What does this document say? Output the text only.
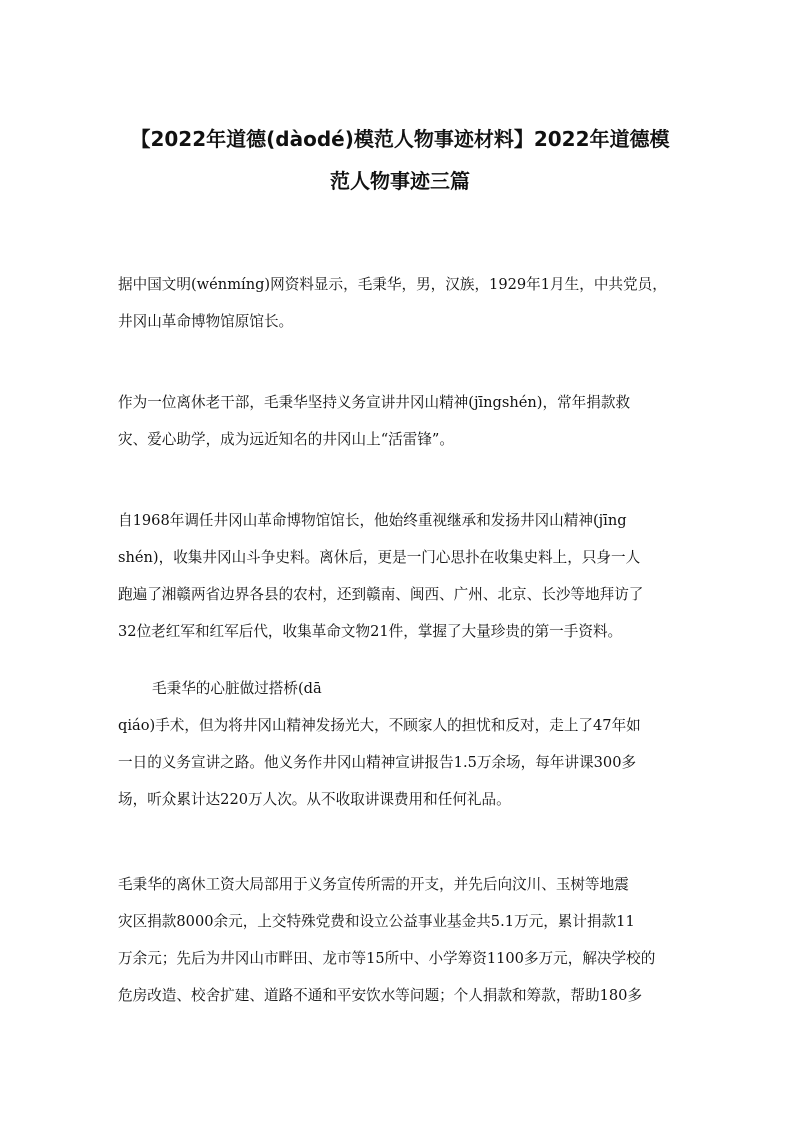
【2022年道德(dàodé)模范人物事迹材料】2022年道德模
范人物事迹三篇

据中国文明(wénmíng)网资料显示，毛秉华，男，汉族，1929年1月生，中共党员，
井冈山革命博物馆原馆长。

作为一位离休老干部，毛秉华坚持义务宣讲井冈山精神(jīngshén)，常年捐款救
灾、爱心助学，成为远近知名的井冈山上“活雷锋”。

自1968年调任井冈山革命博物馆馆长，他始终重视继承和发扬井冈山精神(jīng
shén)，收集井冈山斗争史料。离休后，更是一门心思扑在收集史料上，只身一人
跑遍了湘赣两省边界各县的农村，还到赣南、闽西、广州、北京、长沙等地拜访了
32位老红军和红军后代，收集革命文物21件，掌握了大量珍贵的第一手资料。

毛秉华的心脏做过搭桥(dā
qiáo)手术，但为将井冈山精神发扬光大，不顾家人的担忧和反对，走上了47年如
一日的义务宣讲之路。他义务作井冈山精神宣讲报告1.5万余场，每年讲课300多
场，听众累计达220万人次。从不收取讲课费用和任何礼品。

毛秉华的离休工资大局部用于义务宣传所需的开支，并先后向汶川、玉树等地震
灾区捐款8000余元，上交特殊党费和设立公益事业基金共5.1万元，累计捐款11
万余元；先后为井冈山市畔田、龙市等15所中、小学筹资1100多万元，解决学校的
危房改造、校舍扩建、道路不通和平安饮水等问题；个人捐款和筹款，帮助180多
